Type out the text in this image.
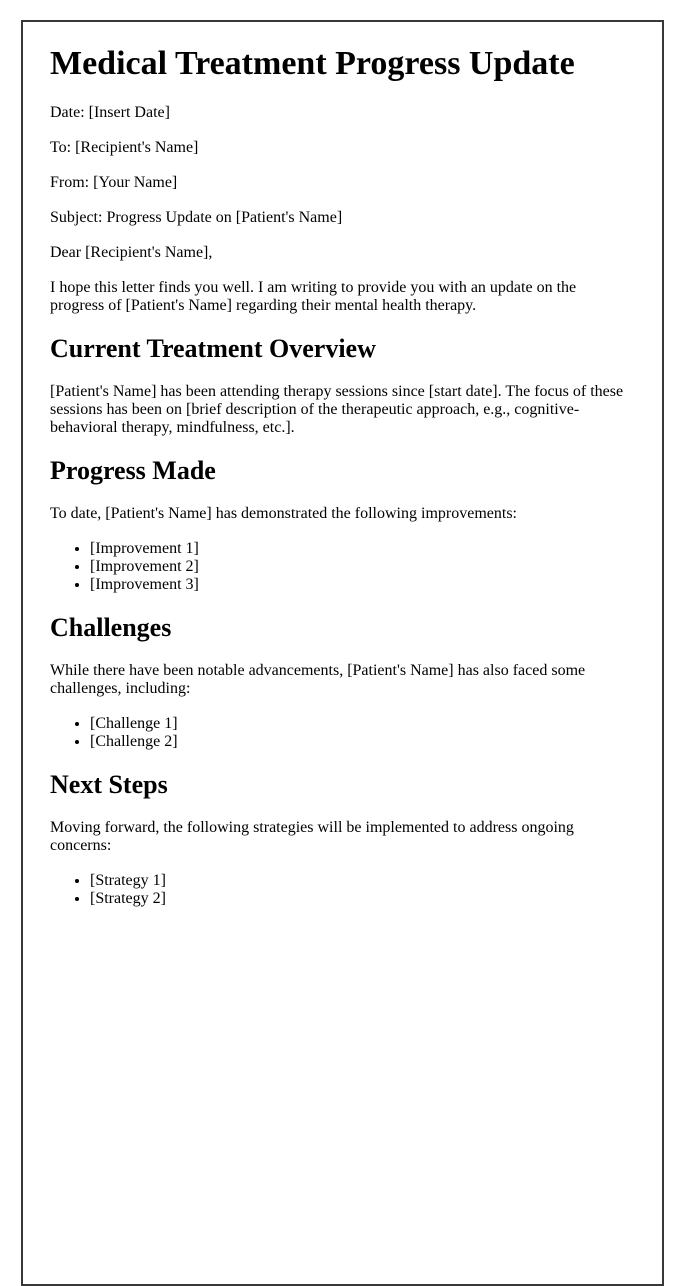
Medical Treatment Progress Update

Date: [Insert Date]

To: [Recipient's Name]

From: [Your Name]

Subject: Progress Update on [Patient's Name]

Dear [Recipient's Name],

I hope this letter finds you well. I am writing to provide you with an update on the progress of [Patient's Name] regarding their mental health therapy.

Current Treatment Overview

[Patient's Name] has been attending therapy sessions since [start date]. The focus of these sessions has been on [brief description of the therapeutic approach, e.g., cognitive-behavioral therapy, mindfulness, etc.].

Progress Made

To date, [Patient's Name] has demonstrated the following improvements:

• [Improvement 1]
• [Improvement 2]
• [Improvement 3]
Challenges

While there have been notable advancements, [Patient's Name] has also faced some challenges, including:

• [Challenge 1]
• [Challenge 2]
Next Steps

Moving forward, the following strategies will be implemented to address ongoing concerns:

• [Strategy 1]
• [Strategy 2]
